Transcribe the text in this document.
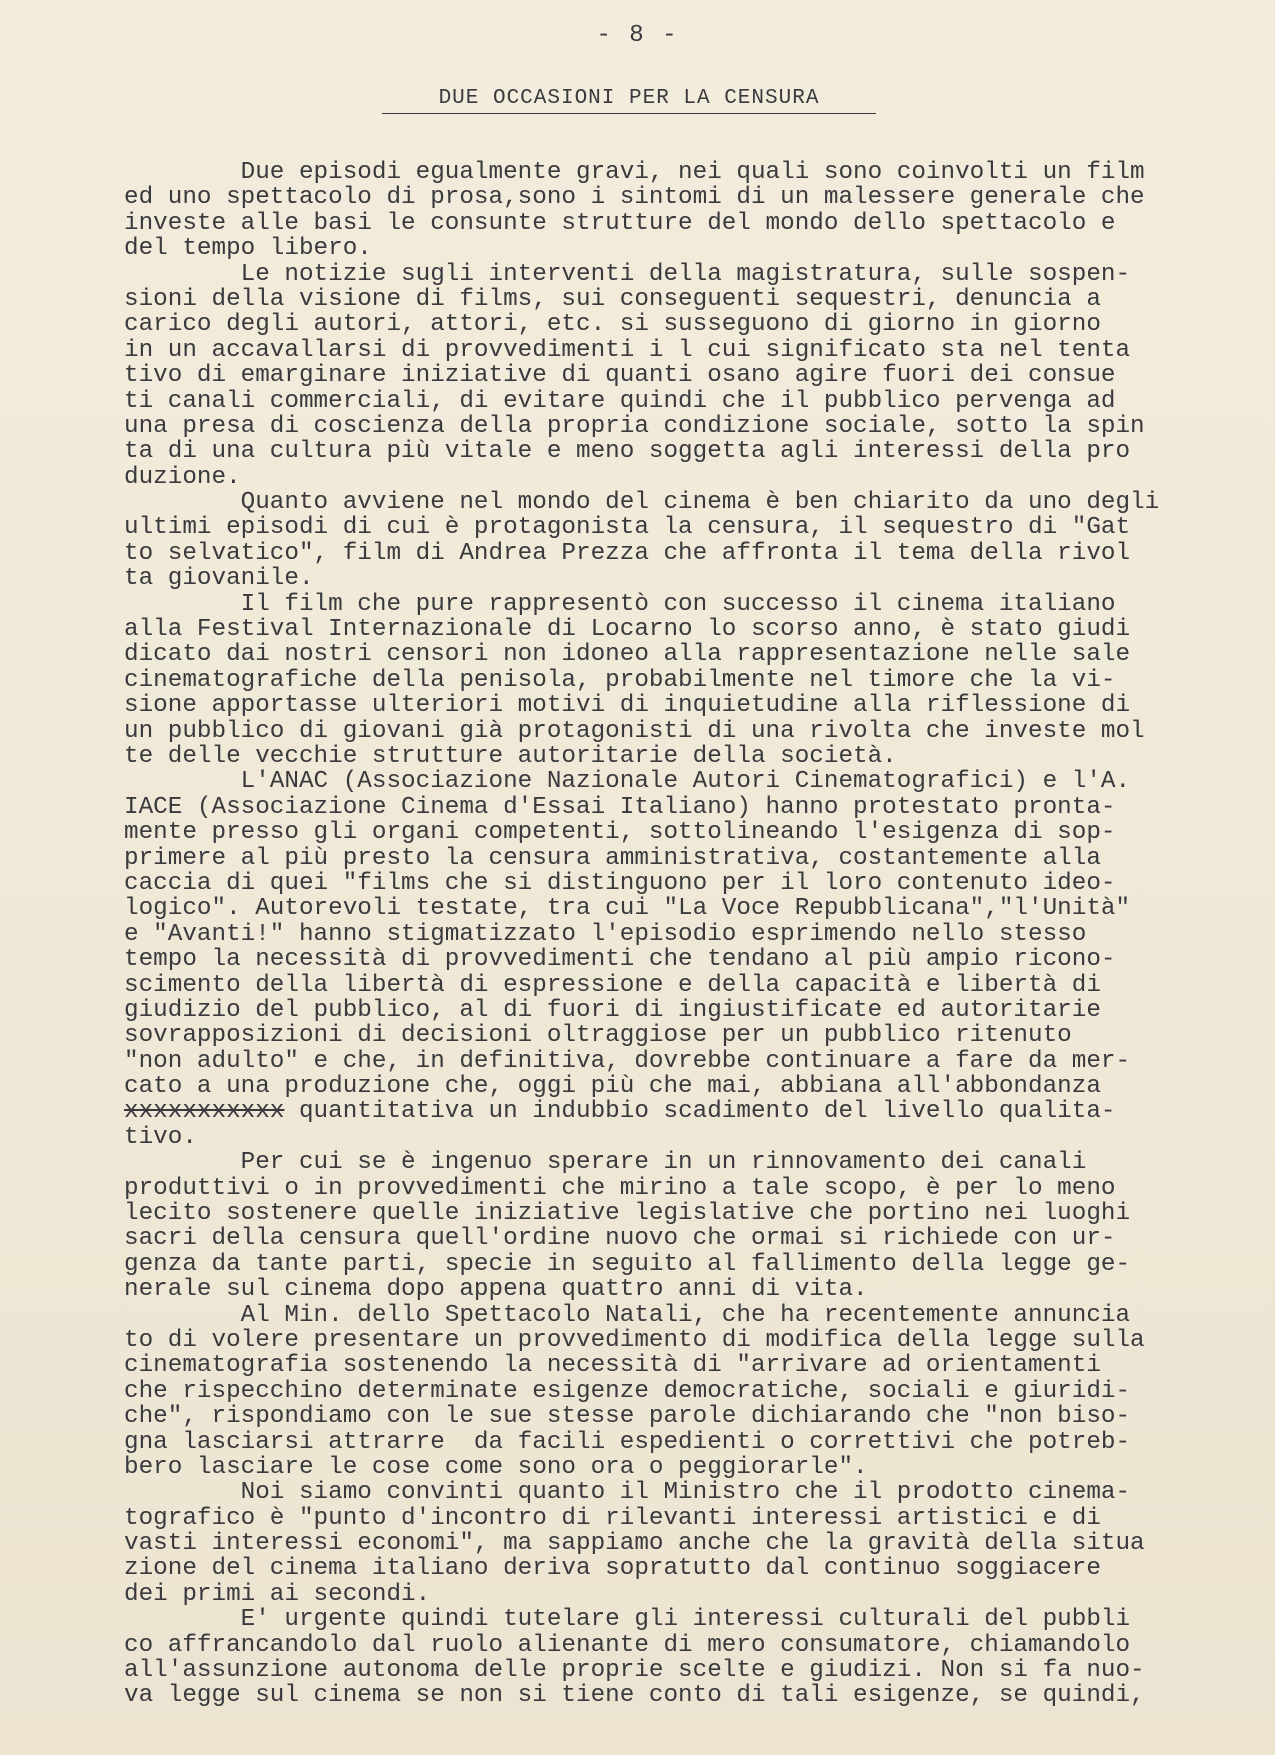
- 8 -
DUE OCCASIONI PER LA CENSURA
Due episodi egualmente gravi, nei quali sono coinvolti un film
ed uno spettacolo di prosa,sono i sintomi di un malessere generale che
investe alle basi le consunte strutture del mondo dello spettacolo e
del tempo libero.
Le notizie sugli interventi della magistratura, sulle sospen-
sioni della visione di films, sui conseguenti sequestri, denuncia a
carico degli autori, attori, etc. si susseguono di giorno in giorno
in un accavallarsi di provvedimenti i l cui significato sta nel tenta
tivo di emarginare iniziative di quanti osano agire fuori dei consue
ti canali commerciali, di evitare quindi che il pubblico pervenga ad
una presa di coscienza della propria condizione sociale, sotto la spin
ta di una cultura più vitale e meno soggetta agli interessi della pro
duzione.
Quanto avviene nel mondo del cinema è ben chiarito da uno degli
ultimi episodi di cui è protagonista la censura, il sequestro di "Gat
to selvatico", film di Andrea Prezza che affronta il tema della rivol
ta giovanile.
Il film che pure rappresentò con successo il cinema italiano
alla Festival Internazionale di Locarno lo scorso anno, è stato giudi
dicato dai nostri censori non idoneo alla rappresentazione nelle sale
cinematografiche della penisola, probabilmente nel timore che la vi-
sione apportasse ulteriori motivi di inquietudine alla riflessione di
un pubblico di giovani già protagonisti di una rivolta che investe mol
te delle vecchie strutture autoritarie della società.
L'ANAC (Associazione Nazionale Autori Cinematografici) e l'A.
IACE (Associazione Cinema d'Essai Italiano) hanno protestato pronta-
mente presso gli organi competenti, sottolineando l'esigenza di sop-
primere al più presto la censura amministrativa, costantemente alla
caccia di quei "films che si distinguono per il loro contenuto ideo-
logico". Autorevoli testate, tra cui "La Voce Repubblicana","l'Unità"
e "Avanti!" hanno stigmatizzato l'episodio esprimendo nello stesso
tempo la necessità di provvedimenti che tendano al più ampio ricono-
scimento della libertà di espressione e della capacità e libertà di
giudizio del pubblico, al di fuori di ingiustificate ed autoritarie
sovrapposizioni di decisioni oltraggiose per un pubblico ritenuto
"non adulto" e che, in definitiva, dovrebbe continuare a fare da mer-
cato a una produzione che, oggi più che mai, abbiana all'abbondanza
xxxxxxxxxxx quantitativa un indubbio scadimento del livello qualita-
tivo.
Per cui se è ingenuo sperare in un rinnovamento dei canali
produttivi o in provvedimenti che mirino a tale scopo, è per lo meno
lecito sostenere quelle iniziative legislative che portino nei luoghi
sacri della censura quell'ordine nuovo che ormai si richiede con ur-
genza da tante parti, specie in seguito al fallimento della legge ge-
nerale sul cinema dopo appena quattro anni di vita.
Al Min. dello Spettacolo Natali, che ha recentemente annuncia
to di volere presentare un provvedimento di modifica della legge sulla
cinematografia sostenendo la necessità di "arrivare ad orientamenti
che rispecchino determinate esigenze democratiche, sociali e giuridi-
che", rispondiamo con le sue stesse parole dichiarando che "non biso-
gna lasciarsi attrarre  da facili espedienti o correttivi che potreb-
bero lasciare le cose come sono ora o peggiorarle".
Noi siamo convinti quanto il Ministro che il prodotto cinema-
tografico è "punto d'incontro di rilevanti interessi artistici e di
vasti interessi economi", ma sappiamo anche che la gravità della situa
zione del cinema italiano deriva sopratutto dal continuo soggiacere
dei primi ai secondi.
E' urgente quindi tutelare gli interessi culturali del pubbli
co affrancandolo dal ruolo alienante di mero consumatore, chiamandolo
all'assunzione autonoma delle proprie scelte e giudizi. Non si fa nuo-
va legge sul cinema se non si tiene conto di tali esigenze, se quindi,
